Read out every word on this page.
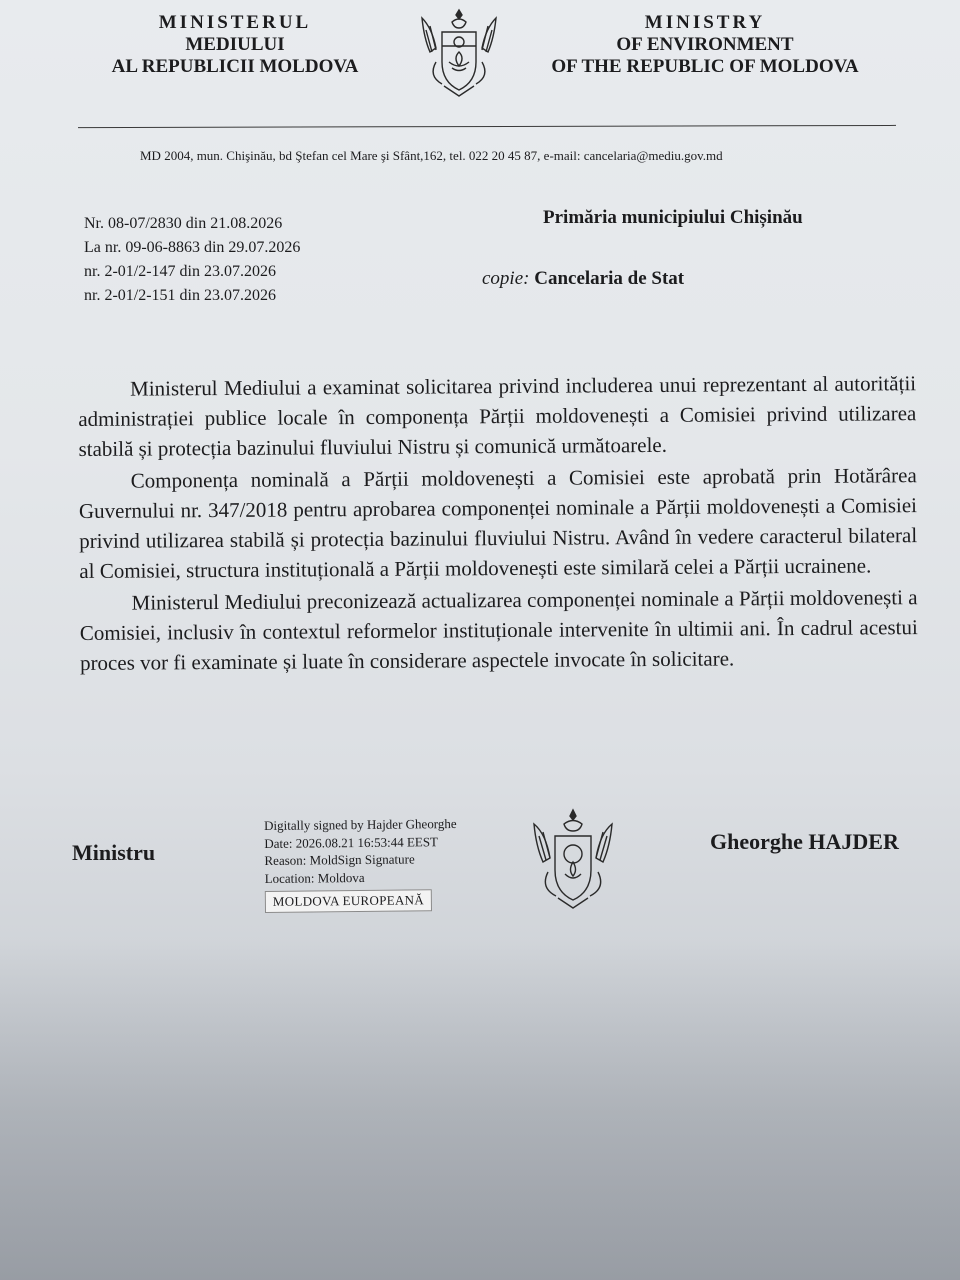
MINISTERUL
MEDIULUI
AL REPUBLICII MOLDOVA
MINISTRY
OF ENVIRONMENT
OF THE REPUBLIC OF MOLDOVA
MD 2004, mun. Chişinău, bd Ştefan cel Mare şi Sfânt,162, tel. 022 20 45 87, e-mail: cancelaria@mediu.gov.md
Nr. 08-07/2830 din 21.08.2026
La nr. 09-06-8863 din 29.07.2026
nr. 2-01/2-147 din 23.07.2026
nr. 2-01/2-151 din 23.07.2026
Primăria municipiului Chișinău
copie: Cancelaria de Stat

Ministerul Mediului a examinat solicitarea privind includerea unui reprezentant al autorității administrației publice locale în componența Părții moldovenești a Comisiei privind utilizarea stabilă și protecția bazinului fluviului Nistru și comunică următoarele.

Componența nominală a Părții moldovenești a Comisiei este aprobată prin Hotărârea Guvernului nr. 347/2018 pentru aprobarea componenței nominale a Părții moldovenești a Comisiei privind utilizarea stabilă și protecția bazinului fluviului Nistru. Având în vedere caracterul bilateral al Comisiei, structura instituțională a Părții moldovenești este similară celei a Părții ucrainene.

Ministerul Mediului preconizează actualizarea componenței nominale a Părții moldovenești a Comisiei, inclusiv în contextul reformelor instituționale intervenite în ultimii ani. În cadrul acestui proces vor fi examinate și luate în considerare aspectele invocate în solicitare.

Ministru
Digitally signed by Hajder Gheorghe
Date: 2026.08.21 16:53:44 EEST
Reason: MoldSign Signature
Location: Moldova
MOLDOVA EUROPEANĂ
Gheorghe HAJDER
